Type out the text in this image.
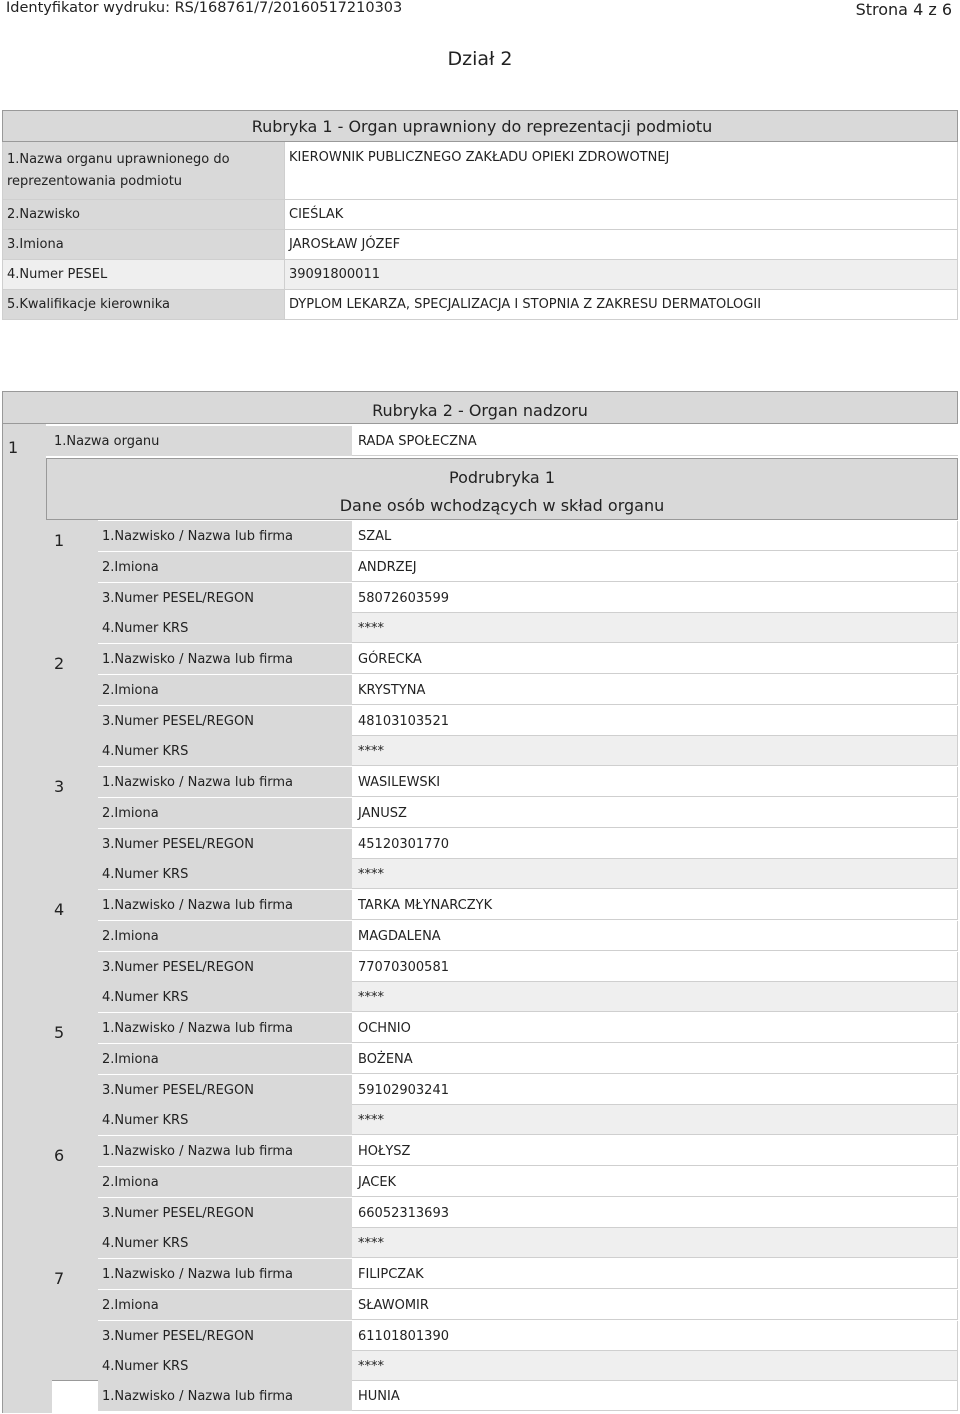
Identyfikator wydruku: RS/168761/7/20160517210303	Strona 4 z 6
Dział 2
Rubryka 1 - Organ uprawniony do reprezentacji podmiotu	
1.Nazwa organu uprawnionego do reprezentowania podmiotu	KIEROWNIK PUBLICZNEGO ZAKŁADU OPIEKI ZDROWOTNEJ
2.Nazwisko	CIEŚLAK
3.Imiona	JAROSŁAW JÓZEF
4.Numer PESEL	39091800011
5.Kwalifikacje kierownika	DYPLOM LEKARZA, SPECJALIZACJA I STOPNIA Z ZAKRESU DERMATOLOGII
Rubryka 2 - Organ nadzoru
1	1.Nazwa organu	RADA SPOŁECZNA
Podrubryka 1
Dane osób wchodzących w skład organu
1	1.Nazwisko / Nazwa lub firma	SZAL
2.Imiona	ANDRZEJ
3.Numer PESEL/REGON	58072603599
4.Numer KRS	****
2	1.Nazwisko / Nazwa lub firma	GÓRECKA
2.Imiona	KRYSTYNA
3.Numer PESEL/REGON	48103103521
4.Numer KRS	****
3	1.Nazwisko / Nazwa lub firma	WASILEWSKI
2.Imiona	JANUSZ
3.Numer PESEL/REGON	45120301770
4.Numer KRS	****
4	1.Nazwisko / Nazwa lub firma	TARKA MŁYNARCZYK
2.Imiona	MAGDALENA
3.Numer PESEL/REGON	77070300581
4.Numer KRS	****
5	1.Nazwisko / Nazwa lub firma	OCHNIO
2.Imiona	BOŻENA
3.Numer PESEL/REGON	59102903241
4.Numer KRS	****
6	1.Nazwisko / Nazwa lub firma	HOŁYSZ
2.Imiona	JACEK
3.Numer PESEL/REGON	66052313693
4.Numer KRS	****
7	1.Nazwisko / Nazwa lub firma	FILIPCZAK
2.Imiona	SŁAWOMIR
3.Numer PESEL/REGON	61101801390
4.Numer KRS	****
1.Nazwisko / Nazwa lub firma	HUNIA
